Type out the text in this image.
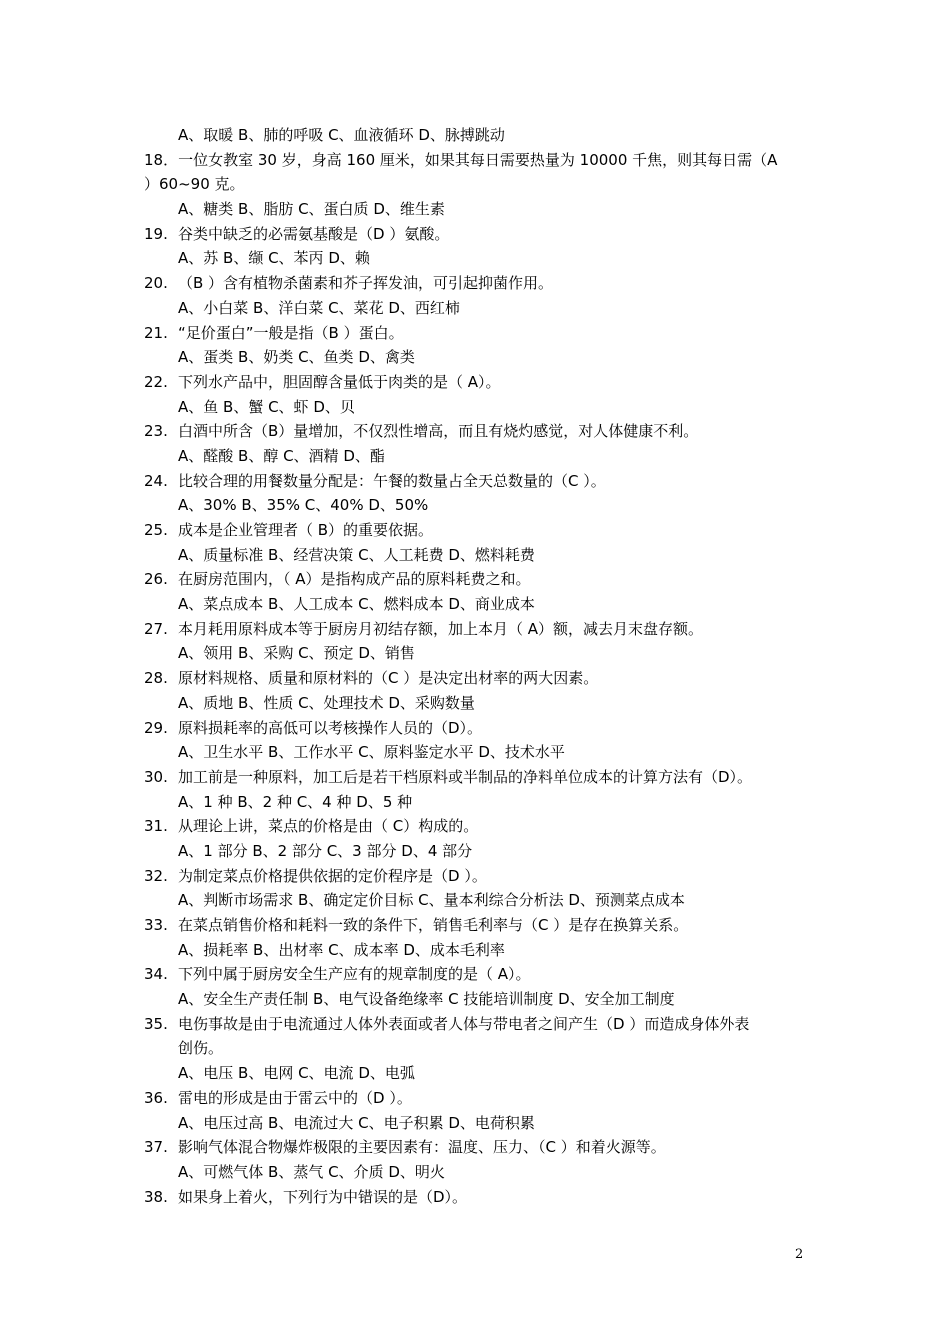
A、取暖 B、肺的呼吸 C、血液循环 D、脉搏跳动
18．一位女教室 30 岁，身高 160 厘米，如果其每日需要热量为 10000 千焦，则其每日需（A
）60~90 克。
A、糖类 B、脂肪 C、蛋白质 D、维生素
19. 谷类中缺乏的必需氨基酸是（D ）氨酸。
A、苏 B、缬 C、苯丙 D、赖
20. （B ）含有植物杀菌素和芥子挥发油，可引起抑菌作用。
A、小白菜 B、洋白菜 C、菜花 D、西红柿
21. “足价蛋白”一般是指（B ）蛋白。
A、蛋类 B、奶类 C、鱼类 D、禽类
22. 下列水产品中，胆固醇含量低于肉类的是（ A）。
A、鱼 B、蟹 C、虾 D、贝
23. 白酒中所含（B）量增加，不仅烈性增高，而且有烧灼感觉，对人体健康不利。
A、醛酸 B、醇 C、酒精 D、酯
24. 比较合理的用餐数量分配是：午餐的数量占全天总数量的（C ）。
A、30% B、35% C、40% D、50%
25. 成本是企业管理者（ B）的重要依据。
A、质量标准 B、经营决策 C、人工耗费 D、燃料耗费
26. 在厨房范围内，（ A）是指构成产品的原料耗费之和。
A、菜点成本 B、人工成本 C、燃料成本 D、商业成本
27. 本月耗用原料成本等于厨房月初结存额，加上本月（ A）额，减去月末盘存额。
A、领用 B、采购 C、预定 D、销售
28. 原材料规格、质量和原材料的（C ）是决定出材率的两大因素。
A、质地 B、性质 C、处理技术 D、采购数量
29. 原料损耗率的高低可以考核操作人员的（D）。
A、卫生水平 B、工作水平 C、原料鉴定水平 D、技术水平
30. 加工前是一种原料，加工后是若干档原料或半制品的净料单位成本的计算方法有（D）。
A、1 种 B、2 种 C、4 种 D、5 种
31. 从理论上讲，菜点的价格是由（ C）构成的。
A、1 部分 B、2 部分 C、3 部分 D、4 部分
32. 为制定菜点价格提供依据的定价程序是（D ）。
A、判断市场需求 B、确定定价目标 C、量本利综合分析法 D、预测菜点成本
33. 在菜点销售价格和耗料一致的条件下，销售毛利率与（C ）是存在换算关系。
A、损耗率 B、出材率 C、成本率 D、成本毛利率
34. 下列中属于厨房安全生产应有的规章制度的是（ A）。
A、安全生产责任制 B、电气设备绝缘率 C 技能培训制度 D、安全加工制度
35. 电伤事故是由于电流通过人体外表面或者人体与带电者之间产生（D ）而造成身体外表
创伤。
A、电压 B、电网 C、电流 D、电弧
36. 雷电的形成是由于雷云中的（D ）。
A、电压过高 B、电流过大 C、电子积累 D、电荷积累
37. 影响气体混合物爆炸极限的主要因素有：温度、压力、（C ）和着火源等。
A、可燃气体 B、蒸气 C、介质 D、明火
38. 如果身上着火，下列行为中错误的是（D）。
2
